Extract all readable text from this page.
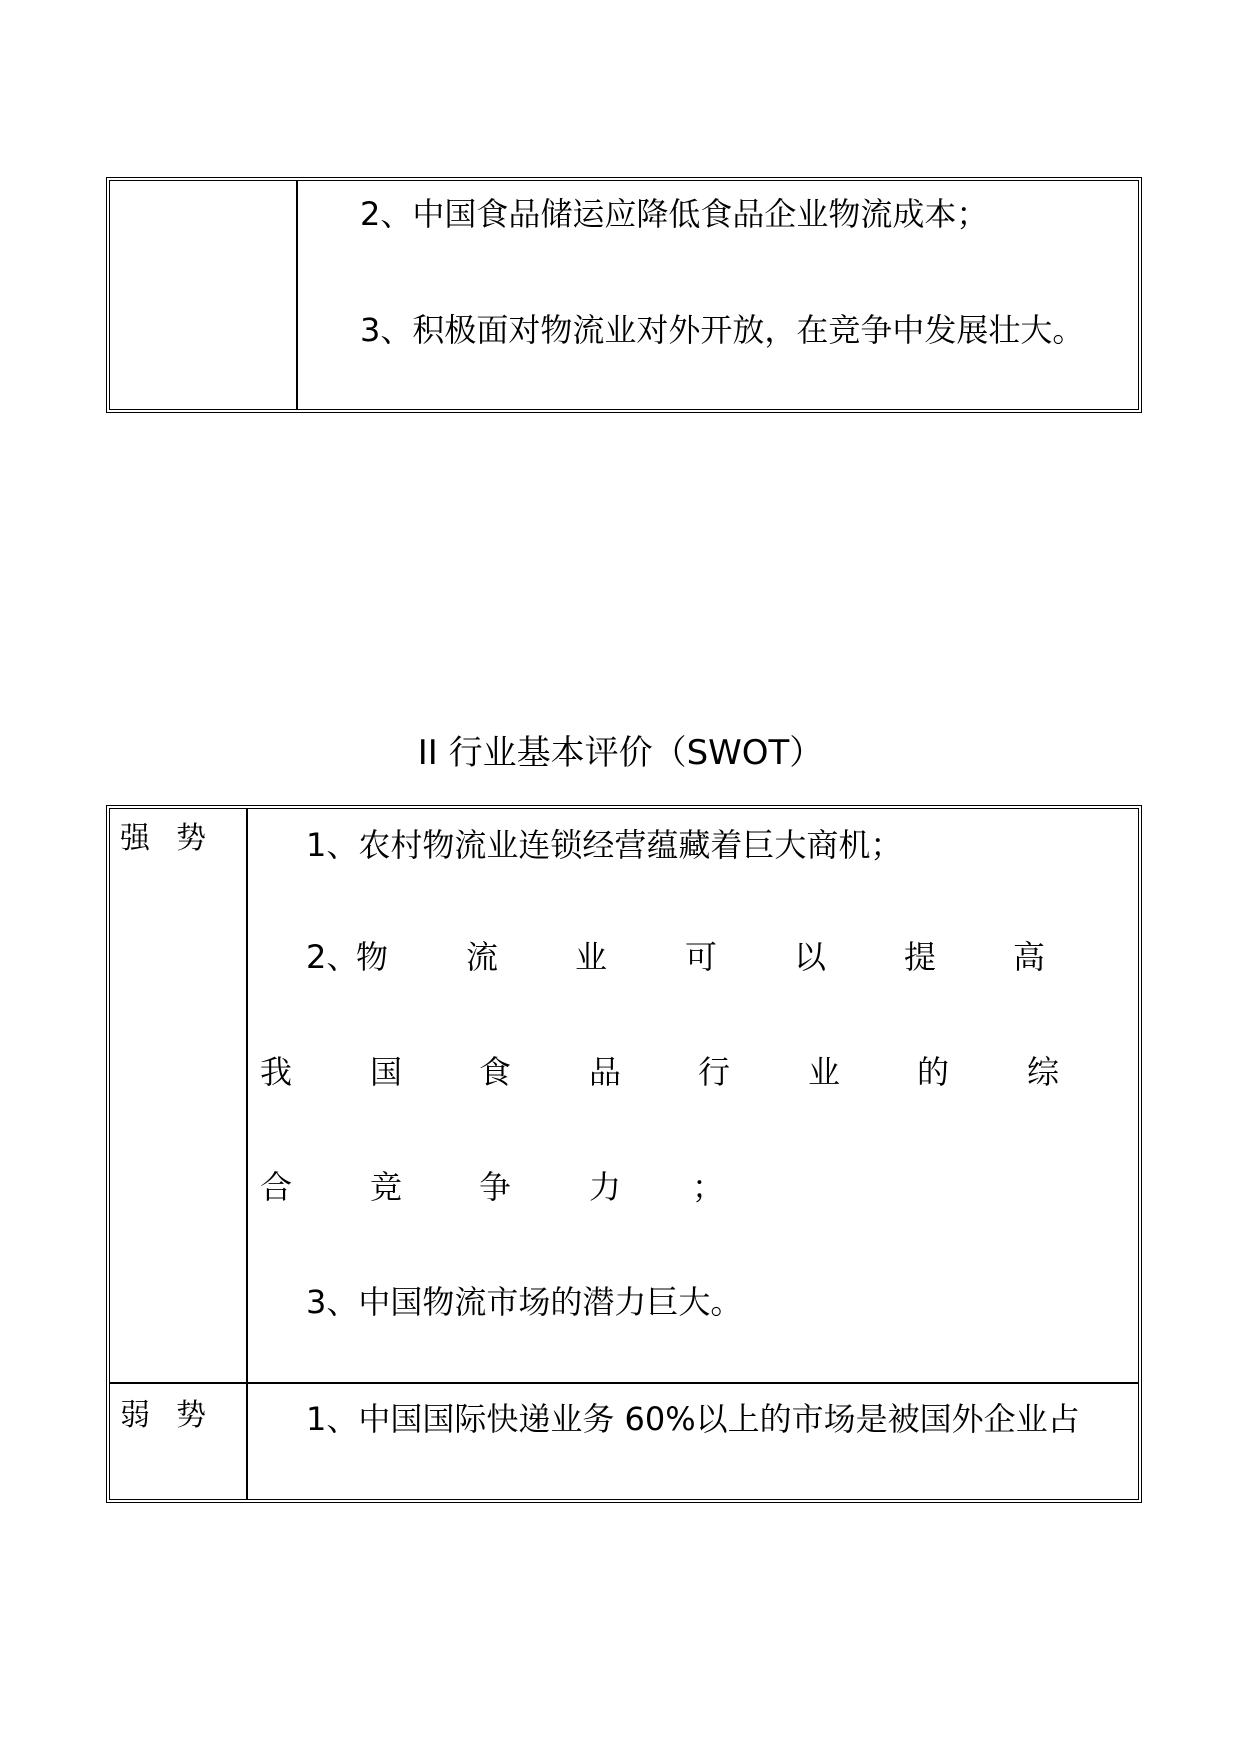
2、中国食品储运应降低食品企业物流成本；
3、积极面对物流业对外开放，在竞争中发展壮大。
II 行业基本评价（SWOT）
强势 1、农村物流业连锁经营蕴藏着巨大商机；
2、
物 流 业 可 以 提 高
我 国 食 品 行 业 的 综
合 竞 争 力 ；
3、中国物流市场的潜力巨大。
弱势 1、中国国际快递业务 60%以上的市场是被国外企业占
